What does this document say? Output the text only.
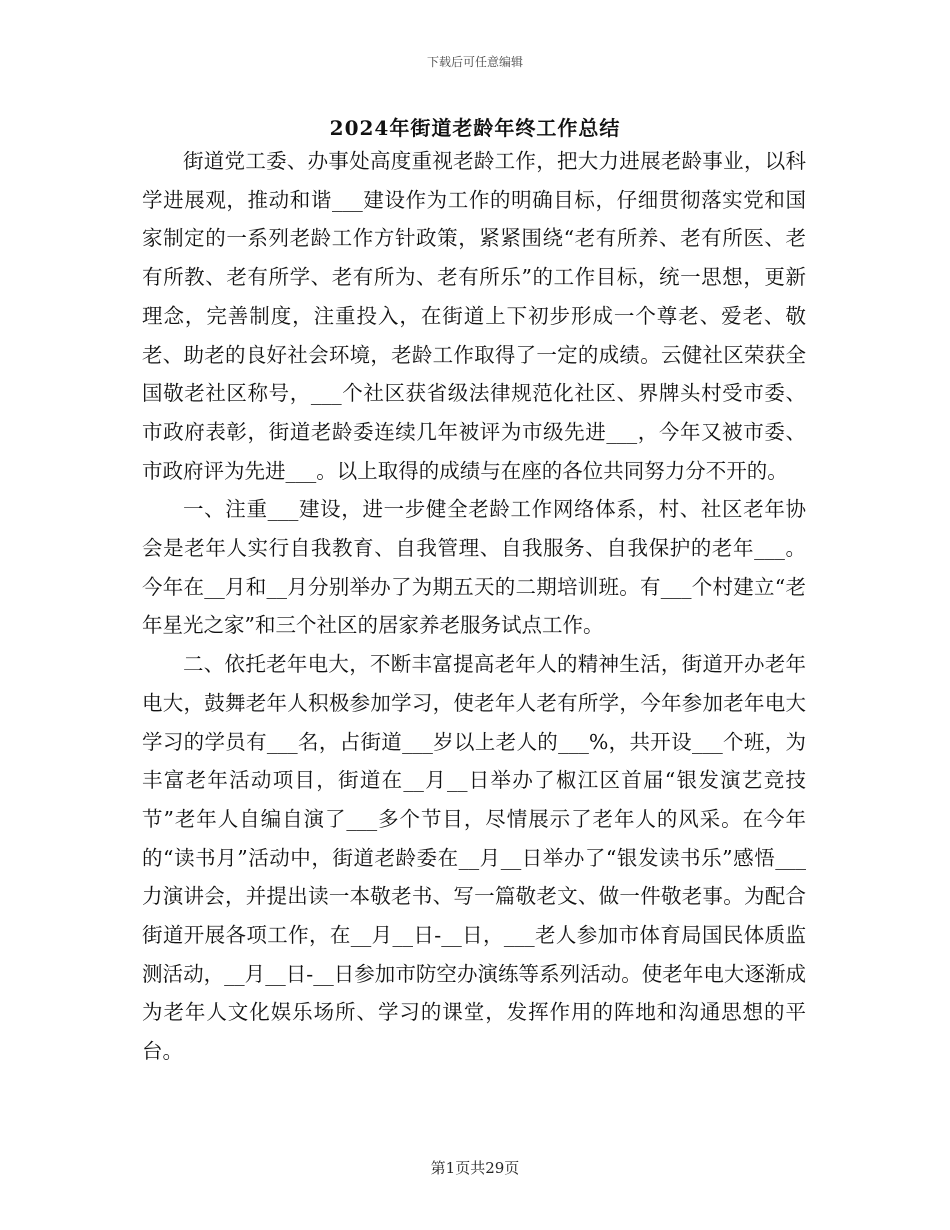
下载后可任意编辑
2024年街道老龄年终工作总结

街道党工委、办事处高度重视老龄工作，把大力进展老龄事业，以科学进展观，推动和谐___建设作为工作的明确目标，仔细贯彻落实党和国家制定的一系列老龄工作方针政策，紧紧围绕“老有所养、老有所医、老有所教、老有所学、老有所为、老有所乐”的工作目标，统一思想，更新理念，完善制度，注重投入，在街道上下初步形成一个尊老、爱老、敬老、助老的良好社会环境，老龄工作取得了一定的成绩。云健社区荣获全国敬老社区称号，___个社区获省级法律规范化社区、界牌头村受市委、市政府表彰，街道老龄委连续几年被评为市级先进___，今年又被市委、市政府评为先进___。以上取得的成绩与在座的各位共同努力分不开的。

一、注重___建设，进一步健全老龄工作网络体系，村、社区老年协会是老年人实行自我教育、自我管理、自我服务、自我保护的老年___。今年在__月和__月分别举办了为期五天的二期培训班。有___个村建立“老年星光之家”和三个社区的居家养老服务试点工作。

二、依托老年电大，不断丰富提高老年人的精神生活，街道开办老年电大，鼓舞老年人积极参加学习，使老年人老有所学，今年参加老年电大学习的学员有___名，占街道___岁以上老人的___%，共开设___个班，为丰富老年活动项目，街道在__月__日举办了椒江区首届“银发演艺竞技节”老年人自编自演了___多个节目，尽情展示了老年人的风采。在今年的“读书月”活动中，街道老龄委在__月__日举办了“银发读书乐”感悟___力演讲会，并提出读一本敬老书、写一篇敬老文、做一件敬老事。为配合街道开展各项工作，在__月__日-__日，___老人参加市体育局国民体质监测活动，__月__日-__日参加市防空办演练等系列活动。使老年电大逐渐成为老年人文化娱乐场所、学习的课堂，发挥作用的阵地和沟通思想的平台。

第1页共29页
